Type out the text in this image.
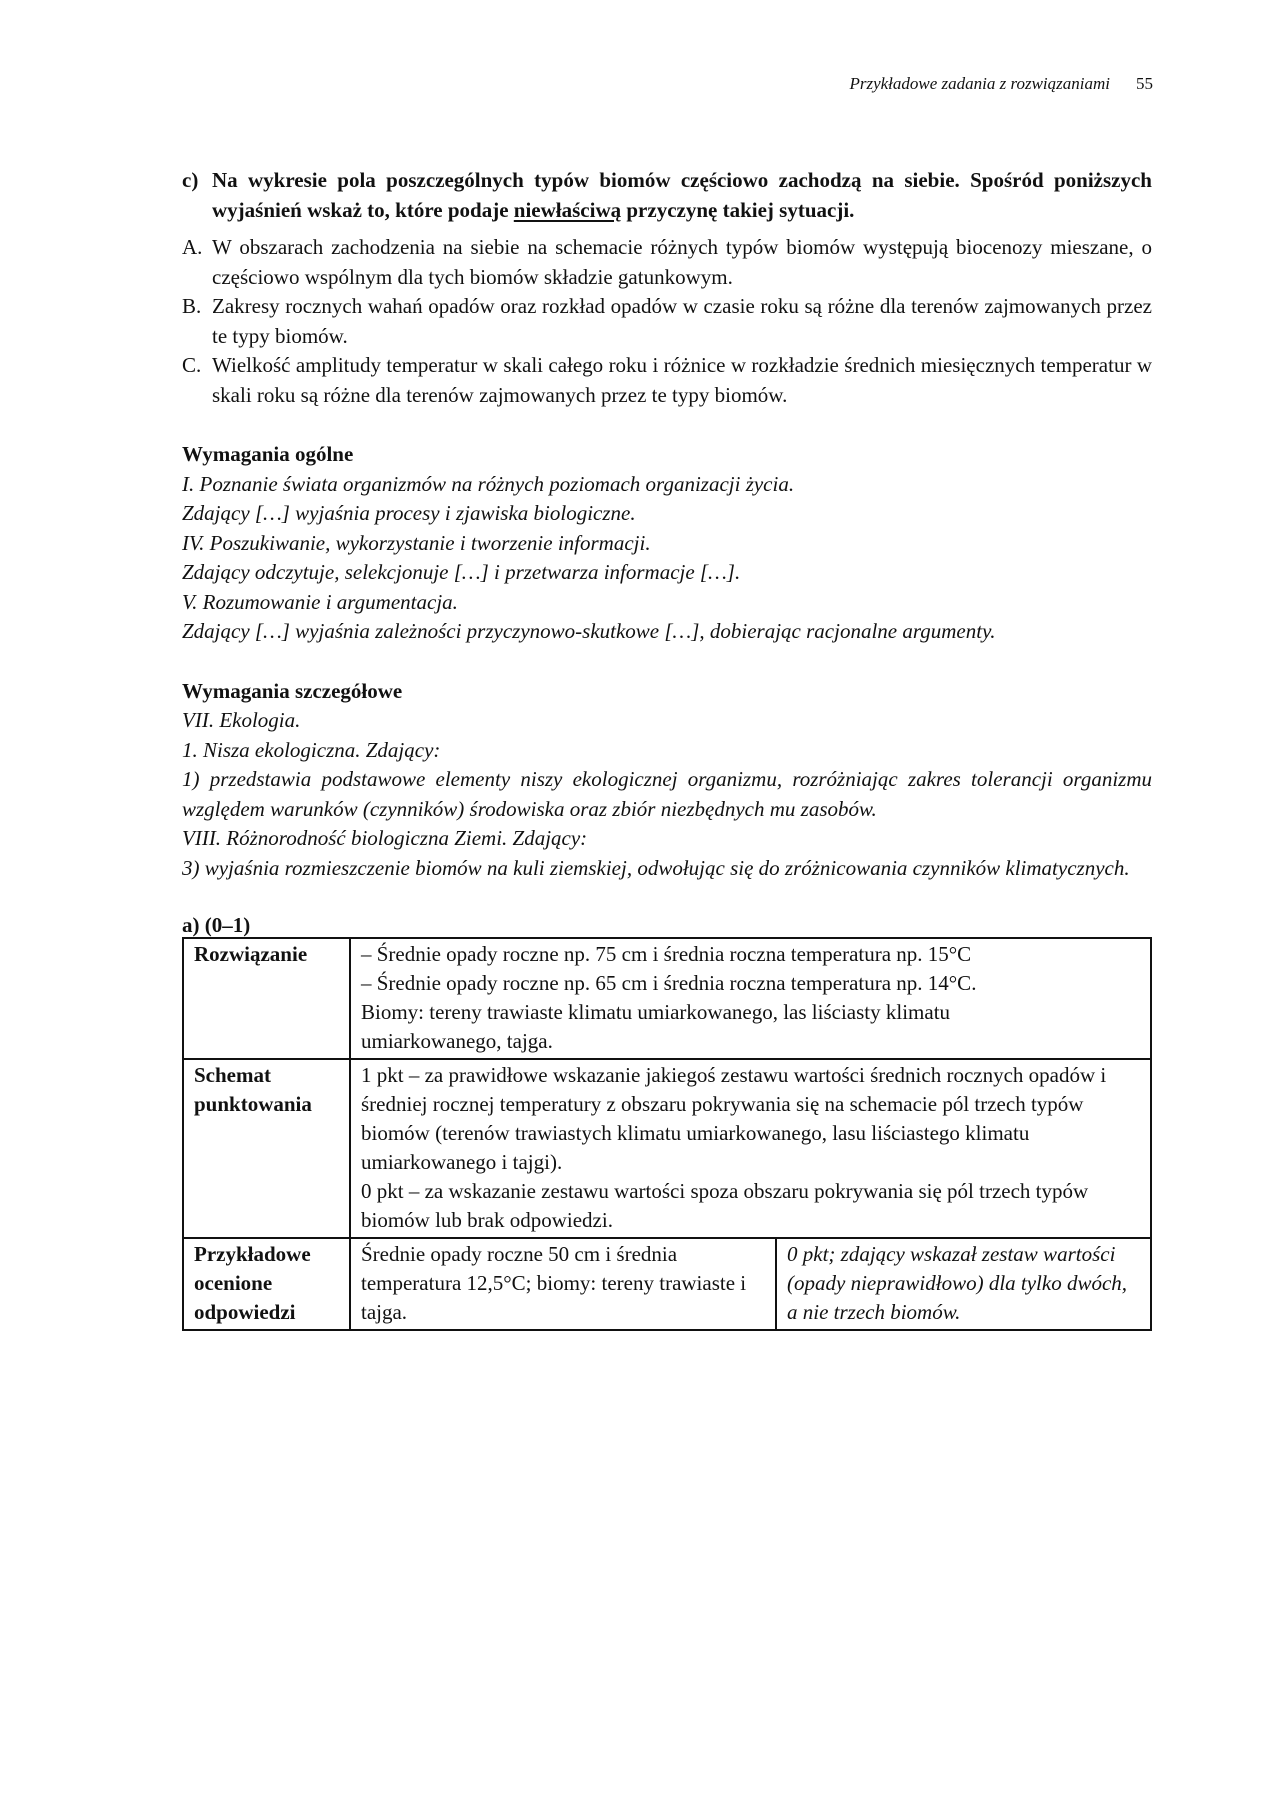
Przykładowe zadania z rozwiązaniami 55
c) Na wykresie pola poszczególnych typów biomów częściowo zachodzą na siebie. Spośród poniższych wyjaśnień wskaż to, które podaje niewłaściwą przyczynę takiej sytuacji.
A. W obszarach zachodzenia na siebie na schemacie różnych typów biomów występują biocenozy mieszane, o częściowo wspólnym dla tych biomów składzie gatunkowym.
B. Zakresy rocznych wahań opadów oraz rozkład opadów w czasie roku są różne dla terenów zajmowanych przez te typy biomów.
C. Wielkość amplitudy temperatur w skali całego roku i różnice w rozkładzie średnich miesięcznych temperatur w skali roku są różne dla terenów zajmowanych przez te typy biomów.
Wymagania ogólne
I. Poznanie świata organizmów na różnych poziomach organizacji życia.
Zdający […] wyjaśnia procesy i zjawiska biologiczne.
IV. Poszukiwanie, wykorzystanie i tworzenie informacji.
Zdający odczytuje, selekcjonuje […] i przetwarza informacje […].
V. Rozumowanie i argumentacja.
Zdający […] wyjaśnia zależności przyczynowo-skutkowe […], dobierając racjonalne argumenty.
Wymagania szczegółowe
VII. Ekologia.
1. Nisza ekologiczna. Zdający:
1) przedstawia podstawowe elementy niszy ekologicznej organizmu, rozróżniając zakres tolerancji organizmu względem warunków (czynników) środowiska oraz zbiór niezbędnych mu zasobów.
VIII. Różnorodność biologiczna Ziemi. Zdający:
3) wyjaśnia rozmieszczenie biomów na kuli ziemskiej, odwołując się do zróżnicowania czynników klimatycznych.
a) (0–1)
Rozwiązanie	– Średnie opady roczne np. 75 cm i średnia roczna temperatura np. 15°C
– Średnie opady roczne np. 65 cm i średnia roczna temperatura np. 14°C.
Biomy: tereny trawiaste klimatu umiarkowanego, las liściasty klimatu umiarkowanego, tajga.	

Schemat punktowania	1 pkt – za prawidłowe wskazanie jakiegoś zestawu wartości średnich rocznych opadów i średniej rocznej temperatury z obszaru pokrywania się na schemacie pól trzech typów biomów (terenów trawiastych klimatu umiarkowanego, lasu liściastego klimatu umiarkowanego i tajgi).
0 pkt – za wskazanie zestawu wartości spoza obszaru pokrywania się pól trzech typów biomów lub brak odpowiedzi.	

Przykładowe ocenione odpowiedzi	Średnie opady roczne 50 cm i średnia temperatura 12,5°C; biomy: tereny trawiaste i tajga.	0 pkt; zdający wskazał zestaw wartości (opady nieprawidłowo) dla tylko dwóch, a nie trzech biomów.
